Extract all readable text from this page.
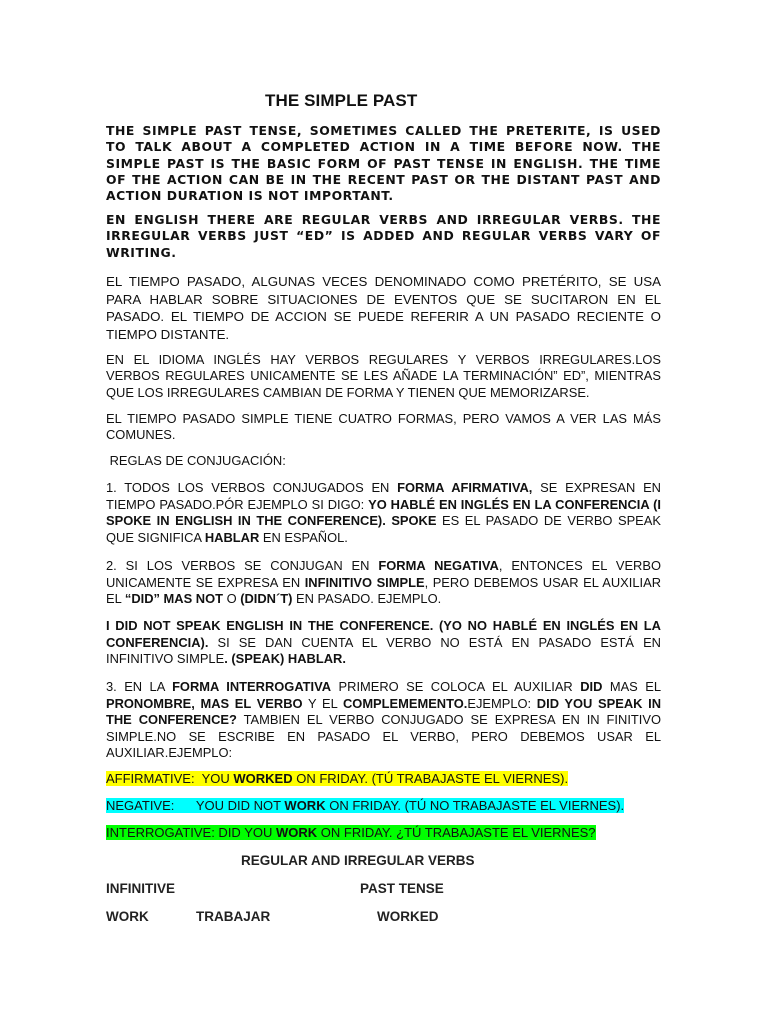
THE SIMPLE PAST
THE SIMPLE PAST TENSE, SOMETIMES CALLED THE PRETERITE, IS USED TO TALK ABOUT A COMPLETED ACTION IN A TIME BEFORE NOW. THE SIMPLE PAST IS THE BASIC FORM OF PAST TENSE IN ENGLISH. THE TIME OF THE ACTION CAN BE IN THE RECENT PAST OR THE DISTANT PAST AND ACTION DURATION IS NOT IMPORTANT.
EN ENGLISH THERE ARE REGULAR VERBS AND IRREGULAR VERBS. THE IRREGULAR VERBS JUST “ED” IS ADDED AND REGULAR VERBS VARY OF WRITING.
EL TIEMPO PASADO, ALGUNAS VECES DENOMINADO COMO PRETÉRITO, SE USA PARA HABLAR SOBRE SITUACIONES DE EVENTOS QUE SE SUCITARON EN EL PASADO. EL TIEMPO DE ACCION SE PUEDE REFERIR A UN PASADO RECIENTE O TIEMPO DISTANTE.
EN EL IDIOMA INGLÉS HAY VERBOS REGULARES Y VERBOS IRREGULARES.LOS VERBOS REGULARES UNICAMENTE SE LES AÑADE LA TERMINACIÓN” ED”, MIENTRAS QUE LOS IRREGULARES CAMBIAN DE FORMA Y TIENEN QUE MEMORIZARSE.
EL TIEMPO PASADO SIMPLE TIENE CUATRO FORMAS, PERO VAMOS A VER LAS MÁS COMUNES.
REGLAS DE CONJUGACIÓN:
1. TODOS LOS VERBOS CONJUGADOS EN FORMA AFIRMATIVA, SE EXPRESAN EN TIEMPO PASADO.PÓR EJEMPLO SI DIGO: YO HABLÉ EN INGLÉS EN LA CONFERENCIA (I SPOKE IN ENGLISH IN THE CONFERENCE). SPOKE ES EL PASADO DE VERBO SPEAK QUE SIGNIFICA HABLAR EN ESPAÑOL.
2. SI LOS VERBOS SE CONJUGAN EN FORMA NEGATIVA, ENTONCES EL VERBO UNICAMENTE SE EXPRESA EN INFINITIVO SIMPLE, PERO DEBEMOS USAR EL AUXILIAR EL “DID” MAS NOT O (DIDN´T) EN PASADO. EJEMPLO.
I DID NOT SPEAK ENGLISH IN THE CONFERENCE. (YO NO HABLÉ EN INGLÉS EN LA CONFERENCIA). SI SE DAN CUENTA EL VERBO NO ESTÁ EN PASADO ESTÁ EN INFINITIVO SIMPLE. (SPEAK) HABLAR.
3. EN LA FORMA INTERROGATIVA PRIMERO SE COLOCA EL AUXILIAR DID MAS EL PRONOMBRE, MAS EL VERBO Y EL COMPLEMEMENTO.EJEMPLO: DID YOU SPEAK IN THE CONFERENCE? TAMBIEN EL VERBO CONJUGADO SE EXPRESA EN IN FINITIVO SIMPLE.NO SE ESCRIBE EN PASADO EL VERBO, PERO DEBEMOS USAR EL AUXILIAR.EJEMPLO:
AFFIRMATIVE:  YOU WORKED ON FRIDAY. (TÚ TRABAJASTE EL VIERNES).
NEGATIVE:      YOU DID NOT WORK ON FRIDAY. (TÚ NO TRABAJASTE EL VIERNES).
INTERROGATIVE: DID YOU WORK ON FRIDAY. ¿TÚ TRABAJASTE EL VIERNES?
REGULAR AND IRREGULAR VERBS
INFINITIVE	PAST TENSE
WORK	TRABAJAR	WORKED
